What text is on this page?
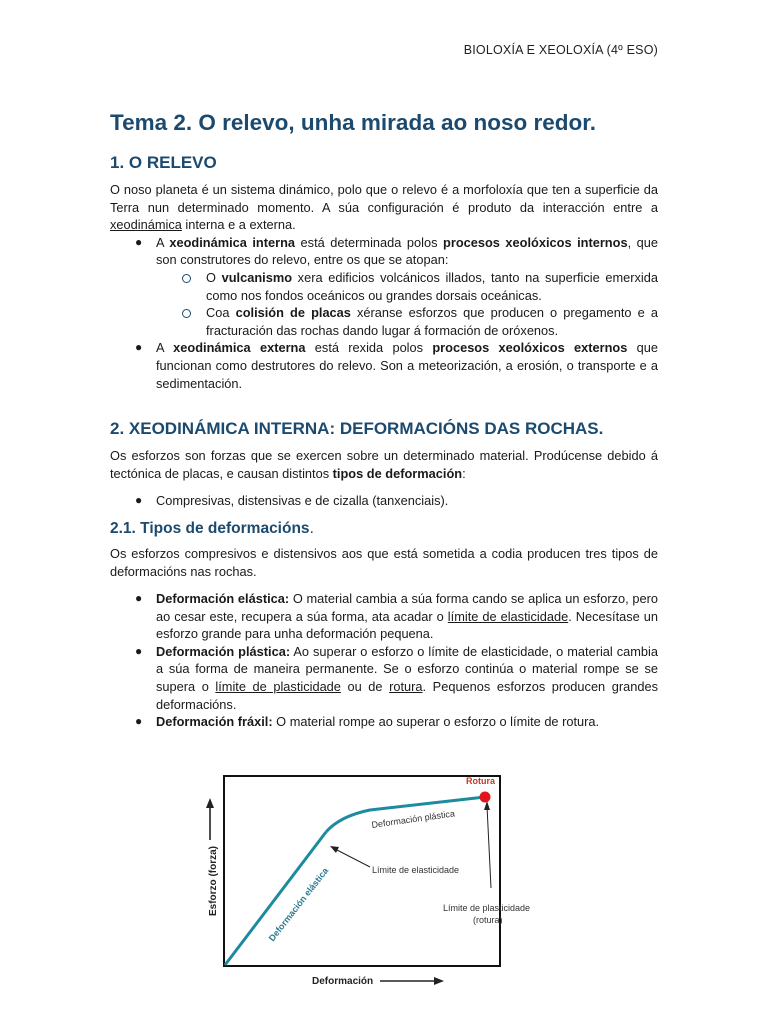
BIOLOXÍA E XEOLOXÍA (4º ESO)
Tema 2. O relevo, unha mirada ao noso redor.
1. O RELEVO

O noso planeta é un sistema dinámico, polo que o relevo é a morfoloxía que ten a superficie da Terra nun determinado momento. A súa configuración é produto da interacción entre a xeodinámica interna e a externa.

● A xeodinámica interna está determinada polos procesos xeolóxicos internos, que son construtores do relevo, entre os que se atopan:
O vulcanismo xera edificios volcánicos illados, tanto na superficie emerxida como nos fondos oceánicos ou grandes dorsais oceánicas.
Coa colisión de placas xéranse esforzos que producen o pregamento e a fracturación das rochas dando lugar á formación de oróxenos.
● A xeodinámica externa está rexida polos procesos xeolóxicos externos que funcionan como destrutores do relevo. Son a meteorización, a erosión, o transporte e a sedimentación.
2. XEODINÁMICA INTERNA: DEFORMACIÓNS DAS ROCHAS.

Os esforzos son forzas que se exercen sobre un determinado material. Prodúcense debido á tectónica de placas, e causan distintos tipos de deformación:

● Compresivas, distensivas e de cizalla (tanxenciais).
2.1. Tipos de deformacións.

Os esforzos compresivos e distensivos aos que está sometida a codia producen tres tipos de deformacións nas rochas.

● Deformación elástica: O material cambia a súa forma cando se aplica un esforzo, pero ao cesar este, recupera a súa forma, ata acadar o límite de elasticidade. Necesítase un esforzo grande para unha deformación pequena.
● Deformación plástica: Ao superar o esforzo o límite de elasticidade, o material cambia a súa forma de maneira permanente. Se o esforzo continúa o material rompe se se supera o límite de plasticidade ou de rotura. Pequenos esforzos producen grandes deformacións.
● Deformación fráxil: O material rompe ao superar o esforzo o límite de rotura.
Rotura
Deformación plástica
Deformación elástica	Límite de elasticidade
Límite de plasticidade
(rotura)
Esforzo (forza)
Deformación
